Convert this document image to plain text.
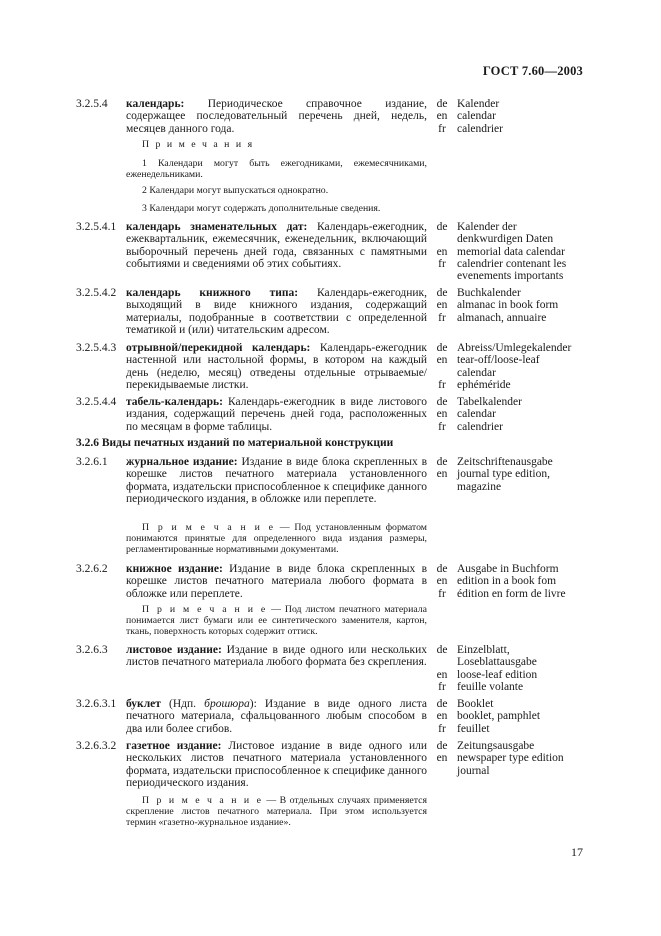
ГОСТ 7.60—2003
3.2.5.4 календарь: Периодическое справочное издание, содержащее последовательный перечень дней, недель, месяцев данного года.

de
en
fr
Kalender
calendar
calendrier
П р и м е ч а н и я

1 Календари могут быть ежегодниками, ежемесячниками, еженедельниками.

2 Календари могут выпускаться однократно.

3 Календари могут содержать дополнительные сведения.

3.2.5.4.1 календарь знаменательных дат: Календарь-ежегодник, ежеквартальник, ежемесячник, еженедельник, включающий выборочный перечень дней года, связанных с памятными событиями и сведениями об этих событиях.

de
en
fr
Kalender der
denkwurdigen Daten
memorial data calendar
calendrier contenant les
evenements importants
3.2.5.4.2 календарь книжного типа: Календарь-ежегодник, выходящий в виде книжного издания, содержащий материалы, подобранные в соответствии с определенной тематикой и (или) читательским адресом.

de
en
fr
Buchkalender
almanac in book form
almanach, annuaire
3.2.5.4.3 отрывной/перекидной календарь: Календарь-ежегодник настенной или настольной формы, в котором на каждый день (неделю, месяц) отведены отдельные отрываемые/перекидываемые листки.

de
en
fr
Abreiss/Umlegekalender
tear-off/loose-leaf
calendar
ephéméride
3.2.5.4.4 табель-календарь: Календарь-ежегодник в виде листового издания, содержащий перечень дней года, расположенных по месяцам в форме таблицы.

de
en
fr
Tabelkalender
calendar
calendrier
3.2.6 Виды печатных изданий по материальной конструкции
3.2.6.1 журнальное издание: Издание в виде блока скрепленных в корешке листов печатного материала установленного формата, издательски приспособленное к специфике данного периодического издания, в обложке или переплете.

de
en
Zeitschriftenausgabe
journal type edition,
magazine

П р и м е ч а н и е — Под установленным форматом понимаются принятые для определенного вида издания размеры, регламентированные нормативными документами.

3.2.6.2 книжное издание: Издание в виде блока скрепленных в корешке листов печатного материала любого формата в обложке или переплете.

de
en
fr
Ausgabe in Buchform
edition in a book fom
édition en form de livre

П р и м е ч а н и е — Под листом печатного материала понимается лист бумаги или ее синтетического заменителя, картон, ткань, поверхность которых содержит оттиск.

3.2.6.3 листовое издание: Издание в виде одного или нескольких листов печатного материала любого формата без скрепления.

de
en
fr
Einzelblatt,
Loseblattausgabe
loose-leaf edition
feuille volante
3.2.6.3.1 буклет (Ндп. брошюра): Издание в виде одного листа печатного материала, сфальцованного любым способом в два или более сгибов.

de
en
fr
Booklet
booklet, pamphlet
feuillet
3.2.6.3.2 газетное издание: Листовое издание в виде одного или нескольких листов печатного материала установленного формата, издательски приспособленное к специфике данного периодического издания.

de
en
Zeitungsausgabe
newspaper type edition
journal

П р и м е ч а н и е — В отдельных случаях применяется скрепление листов печатного материала. При этом используется термин «газетно-журнальное издание».

17
